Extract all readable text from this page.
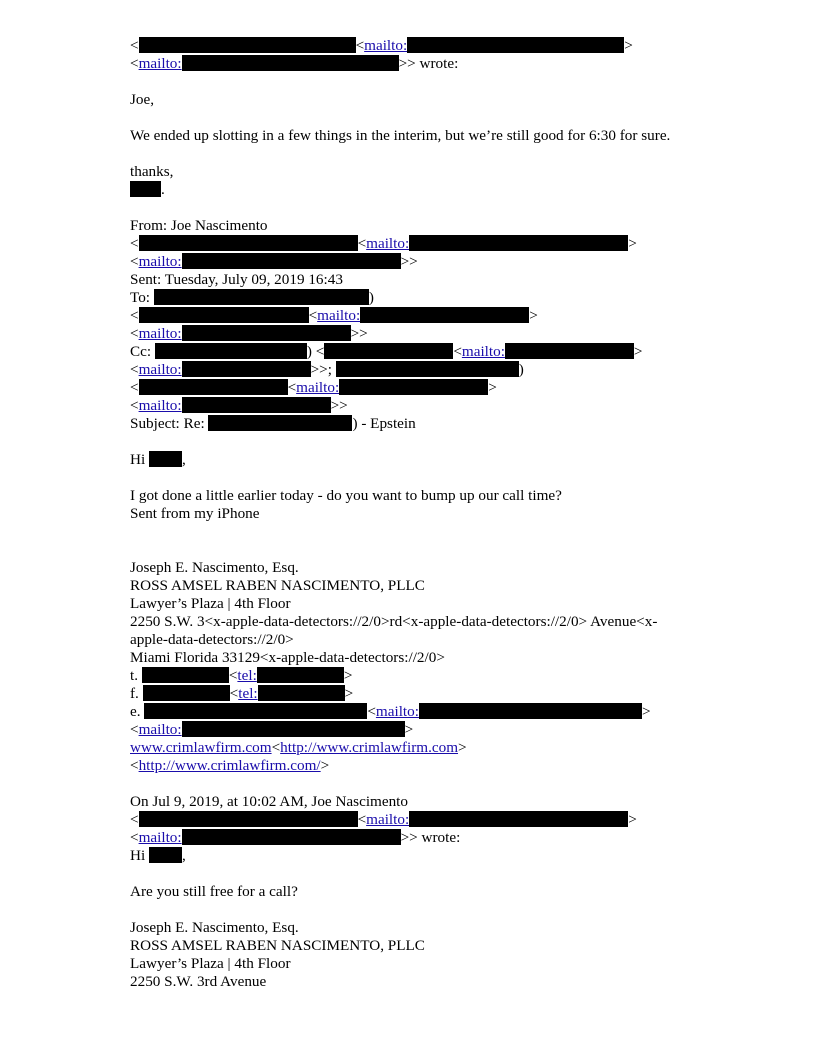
<	<mailto:	>
<mailto:	>> wrote:
Joe,
We ended up slotting in a few things in the interim, but we’re still good for 6:30 for sure.
thanks,
.
From: Joe Nascimento
<	<mailto:	>
<mailto:	>>
Sent: Tuesday, July 09, 2019 16:43
To:	)
<	<mailto:	>
<mailto:	>>
Cc:	) <	<mailto:	>
<mailto:	>>;	)
<	<mailto:	>
<mailto:	>>
Subject: Re:	) - Epstein
Hi ,
I got done a little earlier today - do you want to bump up our call time?
Sent from my iPhone
Joseph E. Nascimento, Esq.
ROSS AMSEL RABEN NASCIMENTO, PLLC
Lawyer’s Plaza | 4th Floor
2250 S.W. 3<x-apple-data-detectors://2/0>rd<x-apple-data-detectors://2/0> Avenue<x-apple-data-detectors://2/0>
Miami Florida 33129<x-apple-data-detectors://2/0>
t.	<tel:	>
f.	<tel:	>
e.	<mailto:	>
<mailto:	>
www.crimlawfirm.com<http://www.crimlawfirm.com>
<http://www.crimlawfirm.com/>
On Jul 9, 2019, at 10:02 AM, Joe Nascimento
<	<mailto:	>
<mailto:	>> wrote:
Hi ,
Are you still free for a call?
Joseph E. Nascimento, Esq.
ROSS AMSEL RABEN NASCIMENTO, PLLC
Lawyer’s Plaza | 4th Floor
2250 S.W. 3rd Avenue
